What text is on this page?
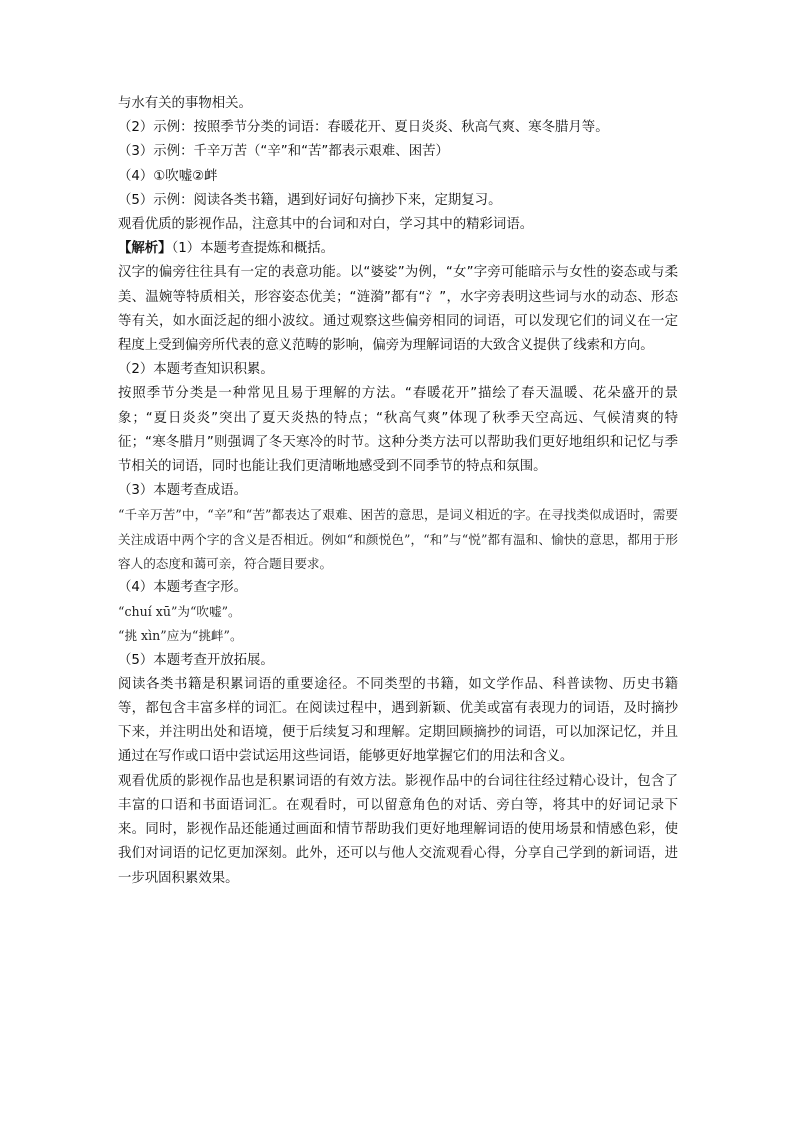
与水有关的事物相关。

（2）示例：按照季节分类的词语：春暖花开、夏日炎炎、秋高气爽、寒冬腊月等。

（3）示例：千辛万苦（“辛”和“苦”都表示艰难、困苦）

（4）①吹嘘②衅

（5）示例：阅读各类书籍，遇到好词好句摘抄下来，定期复习。

观看优质的影视作品，注意其中的台词和对白，学习其中的精彩词语。

【解析】（1）本题考查提炼和概括。

汉字的偏旁往往具有一定的表意功能。以“婆娑”为例，“女”字旁可能暗示与女性的姿态或与柔美、温婉等特质相关，形容姿态优美；“涟漪”都有“氵”，水字旁表明这些词与水的动态、形态等有关，如水面泛起的细小波纹。通过观察这些偏旁相同的词语，可以发现它们的词义在一定程度上受到偏旁所代表的意义范畴的影响，偏旁为理解词语的大致含义提供了线索和方向。

（2）本题考查知识积累。

按照季节分类是一种常见且易于理解的方法。“春暖花开”描绘了春天温暖、花朵盛开的景象；“夏日炎炎”突出了夏天炎热的特点；“秋高气爽”体现了秋季天空高远、气候清爽的特征；“寒冬腊月”则强调了冬天寒冷的时节。这种分类方法可以帮助我们更好地组织和记忆与季节相关的词语，同时也能让我们更清晰地感受到不同季节的特点和氛围。

（3）本题考查成语。

“千辛万苦”中，“辛”和“苦”都表达了艰难、困苦的意思，是词义相近的字。在寻找类似成语时，需要关注成语中两个字的含义是否相近。例如“和颜悦色”，“和”与“悦”都有温和、愉快的意思，都用于形容人的态度和蔼可亲，符合题目要求。

（4）本题考查字形。

“chuí xū”为“吹嘘”。

“挑 xìn”应为“挑衅”。

（5）本题考查开放拓展。

阅读各类书籍是积累词语的重要途径。不同类型的书籍，如文学作品、科普读物、历史书籍等，都包含丰富多样的词汇。在阅读过程中，遇到新颖、优美或富有表现力的词语，及时摘抄下来，并注明出处和语境，便于后续复习和理解。定期回顾摘抄的词语，可以加深记忆，并且通过在写作或口语中尝试运用这些词语，能够更好地掌握它们的用法和含义。

观看优质的影视作品也是积累词语的有效方法。影视作品中的台词往往经过精心设计，包含了丰富的口语和书面语词汇。在观看时，可以留意角色的对话、旁白等，将其中的好词记录下来。同时，影视作品还能通过画面和情节帮助我们更好地理解词语的使用场景和情感色彩，使我们对词语的记忆更加深刻。此外，还可以与他人交流观看心得，分享自己学到的新词语，进一步巩固积累效果。
